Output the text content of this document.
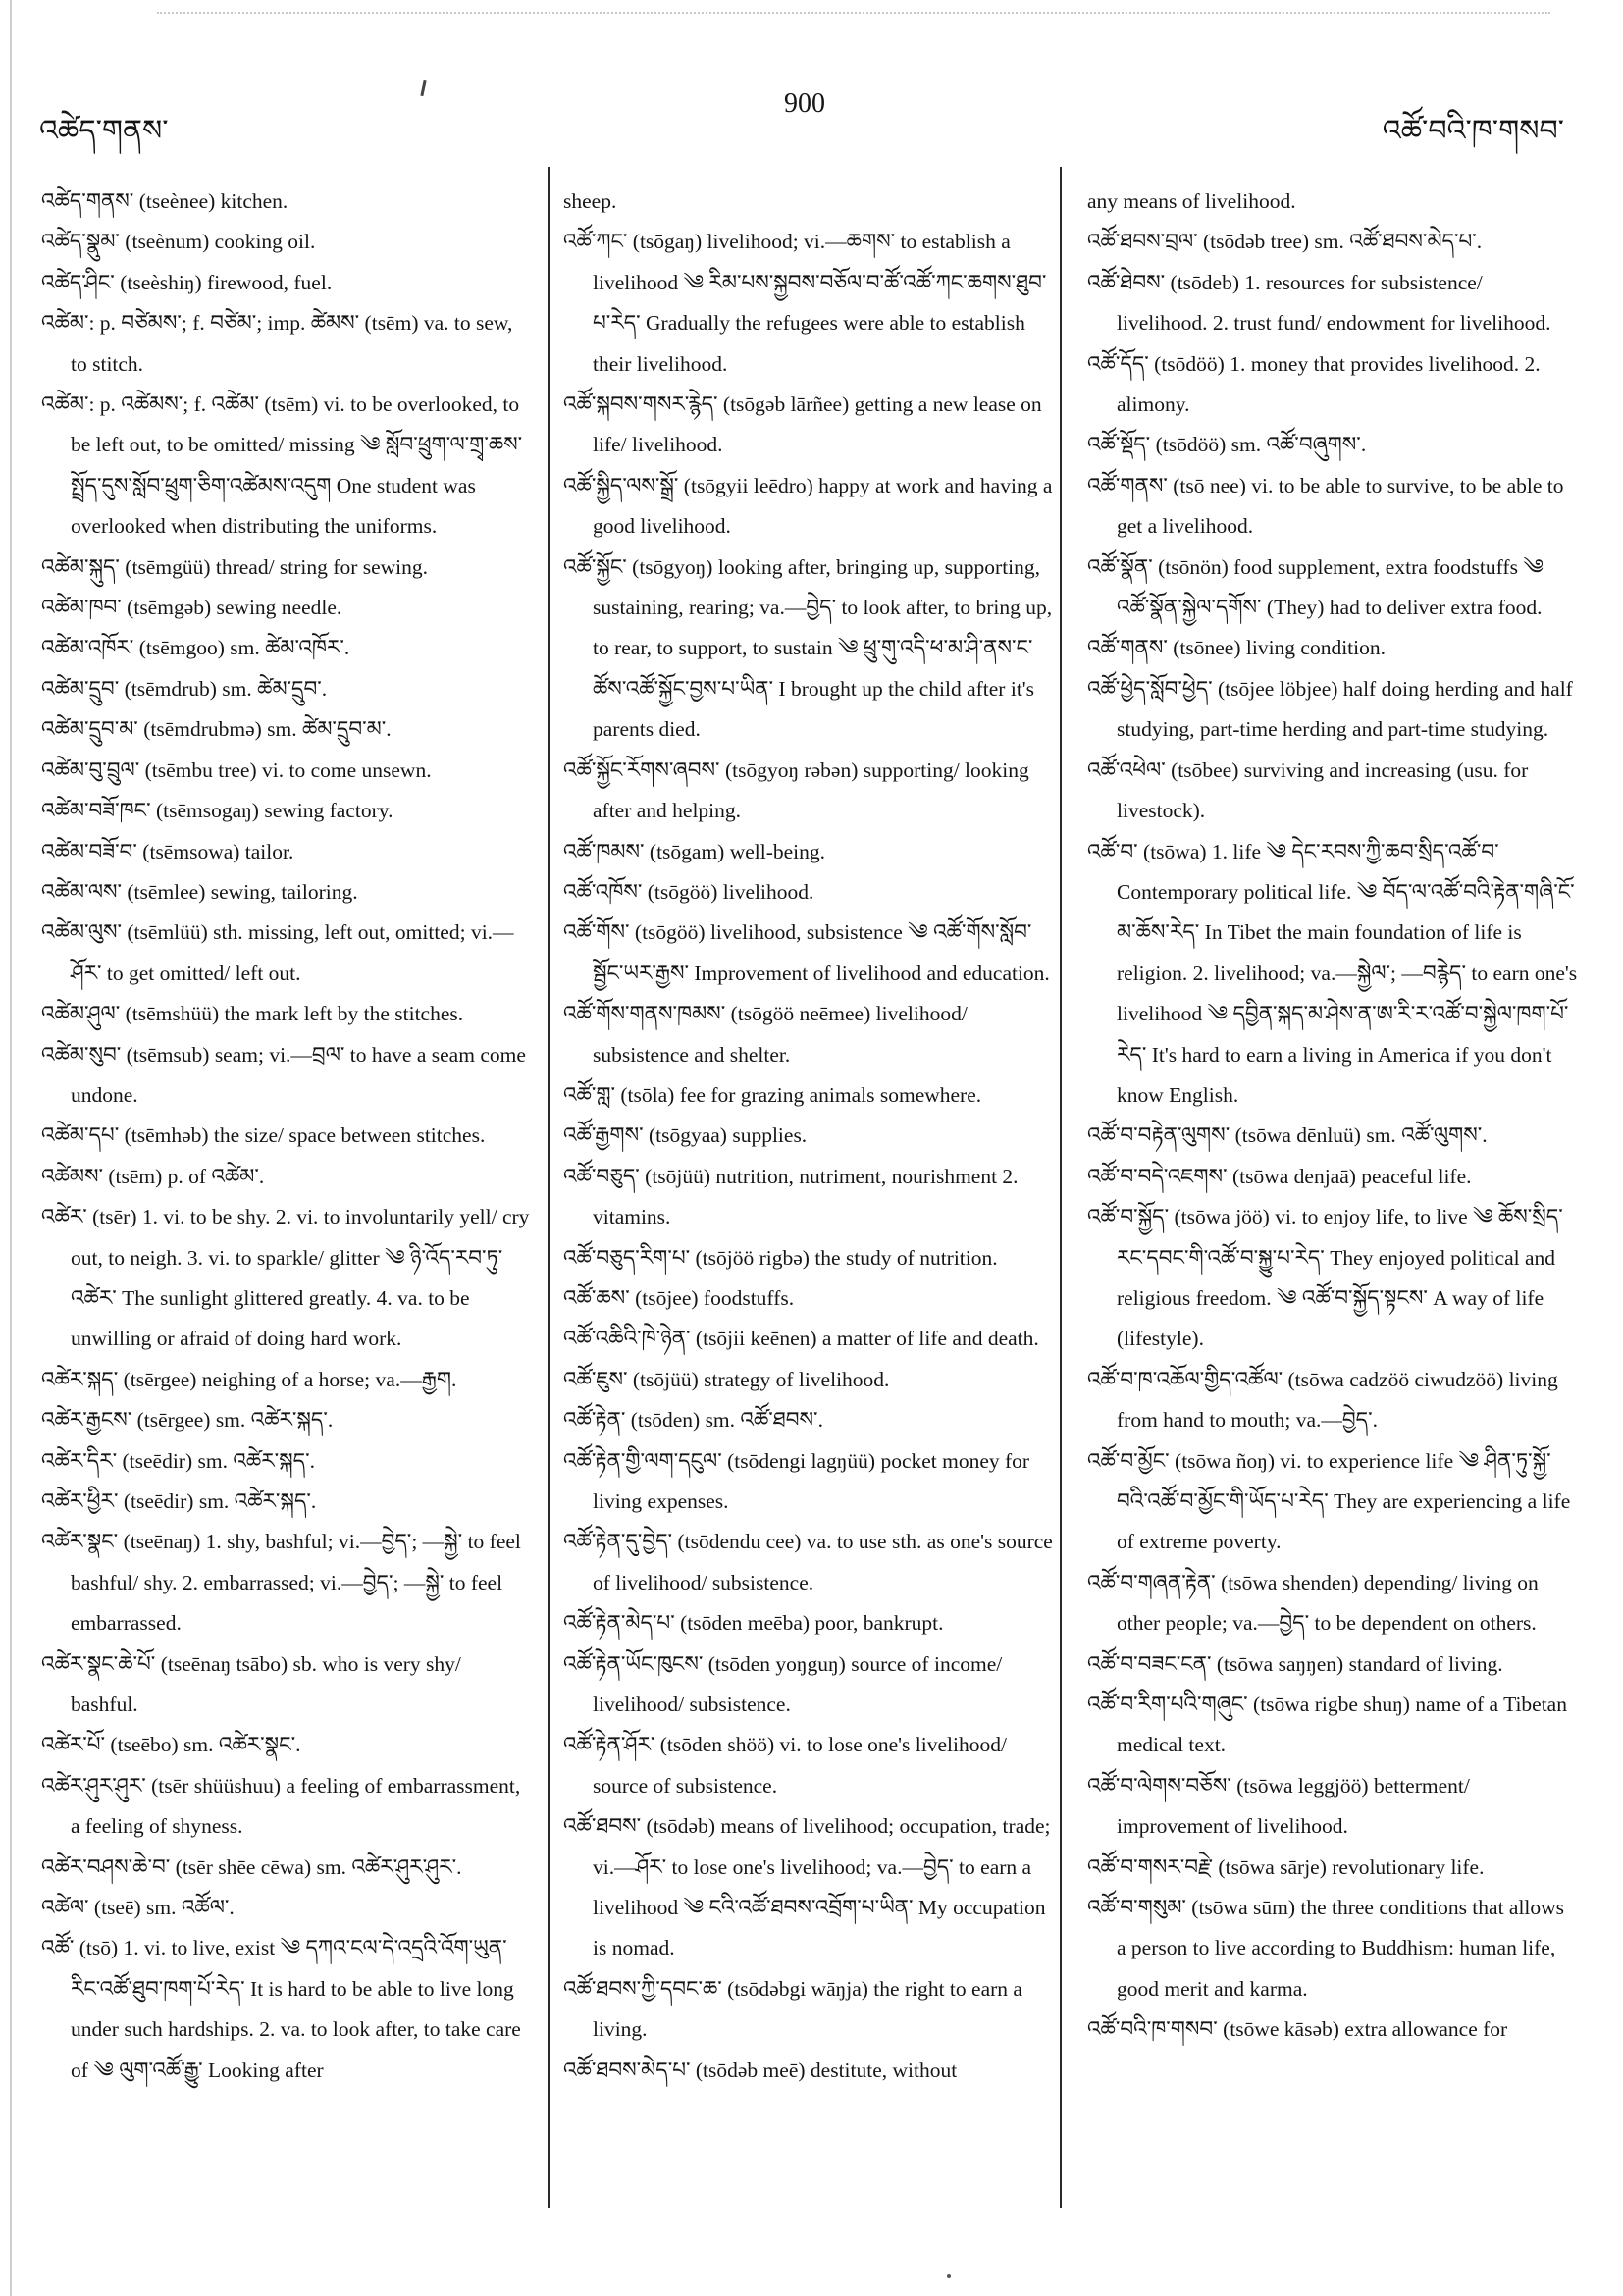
འཚེད་གནས་
900
འཚོ་བའི་ཁ་གསབ་

འཚེད་གནས་ (tseènee) kitchen.

འཚེད་སྣུམ་ (tseènum) cooking oil.

འཚེད་ཤིང་ (tseèshiŋ) firewood, fuel.

འཚེམ་: p. བཙེམས་; f. བཙེམ་; imp. ཚེམས་ (tsēm) va. to sew, to stitch.

འཚེམ་: p. འཚེམས་; f. འཚེམ་ (tsēm) vi. to be overlooked, to be left out, to be omitted/ missing ༄ སློབ་ཕྲུག་ལ་གྲྭ་ཆས་སྤྲོད་དུས་སློབ་ཕྲུག་ཅིག་འཚེམས་འདུག One student was overlooked when distributing the uniforms.

འཚེམ་སྐུད་ (tsēmgüü) thread/ string for sewing.

འཚེམ་ཁབ་ (tsēmgəb) sewing needle.

འཚེམ་འཁོར་ (tsēmgoo) sm. ཚེམ་འཁོར་.

འཚེམ་དྲུབ་ (tsēmdrub) sm. ཚེམ་དྲུབ་.

འཚེམ་དྲུབ་མ་ (tsēmdrubmə) sm. ཚེམ་དྲུབ་མ་.

འཚེམ་བུ་བྲུལ་ (tsēmbu tree) vi. to come unsewn.

འཚེམ་བཟོ་ཁང་ (tsēmsogaŋ) sewing factory.

འཚེམ་བཟོ་བ་ (tsēmsowa) tailor.

འཚེམ་ལས་ (tsēmlee) sewing, tailoring.

འཚེམ་ལུས་ (tsēmlüü) sth. missing, left out, omitted; vi.—ཤོར་ to get omitted/ left out.

འཚེམ་ཤུལ་ (tsēmshüü) the mark left by the stitches.

འཚེམ་སུབ་ (tsēmsub) seam; vi.—བྲལ་ to have a seam come undone.

འཚེམ་དཔ་ (tsēmhəb) the size/ space between stitches.

འཚེམས་ (tsēm) p. of འཚེམ་.

འཚེར་ (tsēr) 1. vi. to be shy. 2. vi. to involuntarily yell/ cry out, to neigh. 3. vi. to sparkle/ glitter ༄ ཉི་འོད་རབ་ཏུ་འཚེར་ The sunlight glittered greatly. 4. va. to be unwilling or afraid of doing hard work.

འཚེར་སྐད་ (tsērgee) neighing of a horse; va.—རྒྱག.

འཚེར་རྒྱངས་ (tsērgee) sm. འཚེར་སྐད་.

འཚེར་དིར་ (tseēdir) sm. འཚེར་སྐད་.

འཚེར་ཕྱིར་ (tseēdir) sm. འཚེར་སྐད་.

འཚེར་སྣང་ (tseēnaŋ) 1. shy, bashful; vi.—བྱེད་; —སྐྱེ་ to feel bashful/ shy. 2. embarrassed; vi.—བྱེད་; —སྐྱེ་ to feel embarrassed.

འཚེར་སྣང་ཆེ་པོ་ (tseēnaŋ tsābo) sb. who is very shy/ bashful.

འཚེར་པོ་ (tseēbo) sm. འཚེར་སྣང་.

འཚེར་ཤུར་ཤུར་ (tsēr shüüshuu) a feeling of embarrassment, a feeling of shyness.

འཚེར་བཤས་ཆེ་བ་ (tsēr shēe cēwa) sm. འཚེར་ཤུར་ཤུར་.

འཚེལ་ (tseē) sm. འཚོལ་.

འཚོ་ (tsō) 1. vi. to live, exist ༄ དཀའ་ངལ་དེ་འདྲའི་འོག་ཡུན་རིང་འཚོ་ཐུབ་ཁག་པོ་རེད་ It is hard to be able to live long under such hardships. 2. va. to look after, to take care of ༄ ལུག་འཚོ་རྒྱུ་ Looking after

sheep.

འཚོ་ཀང་ (tsōgaŋ) livelihood; vi.—ཆགས་ to establish a livelihood ༄ རིམ་པས་སྐྱབས་བཅོལ་བ་ཚོ་འཚོ་ཀང་ཆགས་ཐུབ་པ་རེད་ Gradually the refugees were able to establish their livelihood.

འཚོ་སྐབས་གསར་རྙེད་ (tsōgəb lārñee) getting a new lease on life/ livelihood.

འཚོ་སྐྱིད་ལས་སྒྲོ་ (tsōgyii leēdro) happy at work and having a good livelihood.

འཚོ་སྐྱོང་ (tsōgyoŋ) looking after, bringing up, supporting, sustaining, rearing; va.—བྱེད་ to look after, to bring up, to rear, to support, to sustain ༄ ཕྲུ་གུ་འདི་ཕ་མ་ཤི་ནས་ང་ཚོས་འཚོ་སྐྱོང་བྱས་པ་ཡིན་ I brought up the child after it's parents died.

འཚོ་སྐྱོང་རོགས་ཞབས་ (tsōgyoŋ rəbən) supporting/ looking after and helping.

འཚོ་ཁམས་ (tsōgam) well-being.

འཚོ་འཁོས་ (tsōgöö) livelihood.

འཚོ་གོས་ (tsōgöö) livelihood, subsistence ༄ འཚོ་གོས་སློབ་སྦྱོང་ཡར་རྒྱས་ Improvement of livelihood and education.

འཚོ་གོས་གནས་ཁམས་ (tsōgöö neēmee) livelihood/ subsistence and shelter.

འཚོ་གླ་ (tsōla) fee for grazing animals somewhere.

འཚོ་རྒྱགས་ (tsōgyaa) supplies.

འཚོ་བཅུད་ (tsōjüü) nutrition, nutriment, nourishment 2. vitamins.

འཚོ་བཅུད་རིག་པ་ (tsōjöö rigbə) the study of nutrition.

འཚོ་ཆས་ (tsōjee) foodstuffs.

འཚོ་འཆིའི་ཁེ་ཉེན་ (tsōjii keēnen) a matter of life and death.

འཚོ་ཇུས་ (tsōjüü) strategy of livelihood.

འཚོ་རྟེན་ (tsōden) sm. འཚོ་ཐབས་.

འཚོ་རྟེན་གྱི་ལག་དངུལ་ (tsōdengi lagŋüü) pocket money for living expenses.

འཚོ་རྟེན་དུ་བྱེད་ (tsōdendu cee) va. to use sth. as one's source of livelihood/ subsistence.

འཚོ་རྟེན་མེད་པ་ (tsōden meēba) poor, bankrupt.

འཚོ་རྟེན་ཡོང་ཁུངས་ (tsōden yoŋguŋ) source of income/ livelihood/ subsistence.

འཚོ་རྟེན་ཤོར་ (tsōden shöö) vi. to lose one's livelihood/ source of subsistence.

འཚོ་ཐབས་ (tsōdəb) means of livelihood; occupation, trade; vi.—ཤོར་ to lose one's livelihood; va.—བྱེད་ to earn a livelihood ༄ ངའི་འཚོ་ཐབས་འབྲོག་པ་ཡིན་ My occupation is nomad.

འཚོ་ཐབས་ཀྱི་དབང་ཆ་ (tsōdəbgi wāŋja) the right to earn a living.

འཚོ་ཐབས་མེད་པ་ (tsōdəb meē) destitute, without

any means of livelihood.

འཚོ་ཐབས་བྲལ་ (tsōdəb tree) sm. འཚོ་ཐབས་མེད་པ་.

འཚོ་ཐེབས་ (tsōdeb) 1. resources for subsistence/ livelihood. 2. trust fund/ endowment for livelihood.

འཚོ་དོད་ (tsōdöö) 1. money that provides livelihood. 2. alimony.

འཚོ་སྡོད་ (tsōdöö) sm. འཚོ་བཞུགས་.

འཚོ་གནས་ (tsō nee) vi. to be able to survive, to be able to get a livelihood.

འཚོ་སྣོན་ (tsōnön) food supplement, extra foodstuffs ༄ འཚོ་སྣོན་སྐྱེལ་དགོས་ (They) had to deliver extra food.

འཚོ་གནས་ (tsōnee) living condition.

འཚོ་ཕྱེད་སློབ་ཕྱེད་ (tsōjee löbjee) half doing herding and half studying, part-time herding and part-time studying.

འཚོ་འཕེལ་ (tsōbee) surviving and increasing (usu. for livestock).

འཚོ་བ་ (tsōwa) 1. life ༄ དེང་རབས་ཀྱི་ཆབ་སྲིད་འཚོ་བ་ Contemporary political life. ༄ བོད་ལ་འཚོ་བའི་རྟེན་གཞི་ངོ་མ་ཆོས་རེད་ In Tibet the main foundation of life is religion. 2. livelihood; va.—སྐྱེལ་; —བརྙེད་ to earn one's livelihood ༄ དབྱིན་སྐད་མ་ཤེས་ན་ཨ་རི་ར་འཚོ་བ་སྐྱེལ་ཁག་པོ་རེད་ It's hard to earn a living in America if you don't know English.

འཚོ་བ་བརྟེན་ལུགས་ (tsōwa dēnluü) sm. འཚོ་ལུགས་.

འཚོ་བ་བདེ་འཇགས་ (tsōwa denjaā) peaceful life.

འཚོ་བ་སྐྱོད་ (tsōwa jöö) vi. to enjoy life, to live ༄ ཆོས་སྲིད་རང་དབང་གི་འཚོ་བ་སྐྱུ་པ་རེད་ They enjoyed political and religious freedom. ༄ འཚོ་བ་སྐྱོད་སྟངས་ A way of life (lifestyle).

འཚོ་བ་ཁ་འཆོལ་གྱིད་འཚོལ་ (tsōwa cadzöö ciwudzöö) living from hand to mouth; va.—བྱེད་.

འཚོ་བ་མྱོང་ (tsōwa ñoŋ) vi. to experience life ༄ ཤིན་ཏུ་སྐྱོ་བའི་འཚོ་བ་མྱོང་གི་ཡོད་པ་རེད་ They are experiencing a life of extreme poverty.

འཚོ་བ་གཞན་རྟེན་ (tsōwa shenden) depending/ living on other people; va.—བྱེད་ to be dependent on others.

འཚོ་བ་བཟང་ངན་ (tsōwa saŋŋen) standard of living.

འཚོ་བ་རིག་པའི་གཞུང་ (tsōwa rigbe shuŋ) name of a Tibetan medical text.

འཚོ་བ་ལེགས་བཅོས་ (tsōwa leggjöö) betterment/ improvement of livelihood.

འཚོ་བ་གསར་བརྗེ་ (tsōwa sārje) revolutionary life.

འཚོ་བ་གསུམ་ (tsōwa sūm) the three conditions that allows a person to live according to Buddhism: human life, good merit and karma.

འཚོ་བའི་ཁ་གསབ་ (tsōwe kāsəb) extra allowance for
